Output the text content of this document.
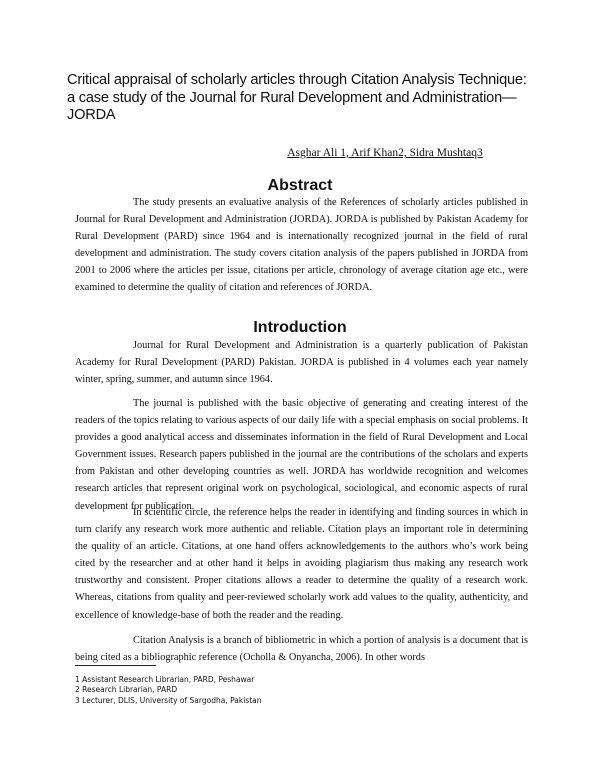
Critical appraisal of scholarly articles through Citation Analysis Technique: a case study of the Journal for Rural Development and Administration—JORDA
Asghar Ali 1, Arif Khan2, Sidra Mushtaq3
Abstract

The study presents an evaluative analysis of the References of scholarly articles published in Journal for Rural Development and Administration (JORDA). JORDA is published by Pakistan Academy for Rural Development (PARD) since 1964 and is internationally recognized journal in the field of rural development and administration. The study covers citation analysis of the papers published in JORDA from 2001 to 2006 where the articles per issue, citations per article, chronology of average citation age etc., were examined to determine the quality of citation and references of JORDA.

Introduction

Journal for Rural Development and Administration is a quarterly publication of Pakistan Academy for Rural Development (PARD) Pakistan. JORDA is published in 4 volumes each year namely winter, spring, summer, and autumn since 1964.

The journal is published with the basic objective of generating and creating interest of the readers of the topics relating to various aspects of our daily life with a special emphasis on social problems. It provides a good analytical access and disseminates information in the field of Rural Development and Local Government issues. Research papers published in the journal are the contributions of the scholars and experts from Pakistan and other developing countries as well. JORDA has worldwide recognition and welcomes research articles that represent original work on psychological, sociological, and economic aspects of rural development for publication.

In scientific circle, the reference helps the reader in identifying and finding sources in which in turn clarify any research work more authentic and reliable. Citation plays an important role in determining the quality of an article. Citations, at one hand offers acknowledgements to the authors who’s work being cited by the researcher and at other hand it helps in avoiding plagiarism thus making any research work trustworthy and consistent. Proper citations allows a reader to determine the quality of a research work. Whereas, citations from quality and peer-reviewed scholarly work add values to the quality, authenticity, and excellence of knowledge-base of both the reader and the reading.

Citation Analysis is a branch of bibliometric in which a portion of analysis is a document that is being cited as a bibliographic reference (Ocholla & Onyancha, 2006). In other words

1 Assistant Research Librarian, PARD, Peshawar
2 Research Librarian, PARD
3 Lecturer, DLIS, University of Sargodha, Pakistan
